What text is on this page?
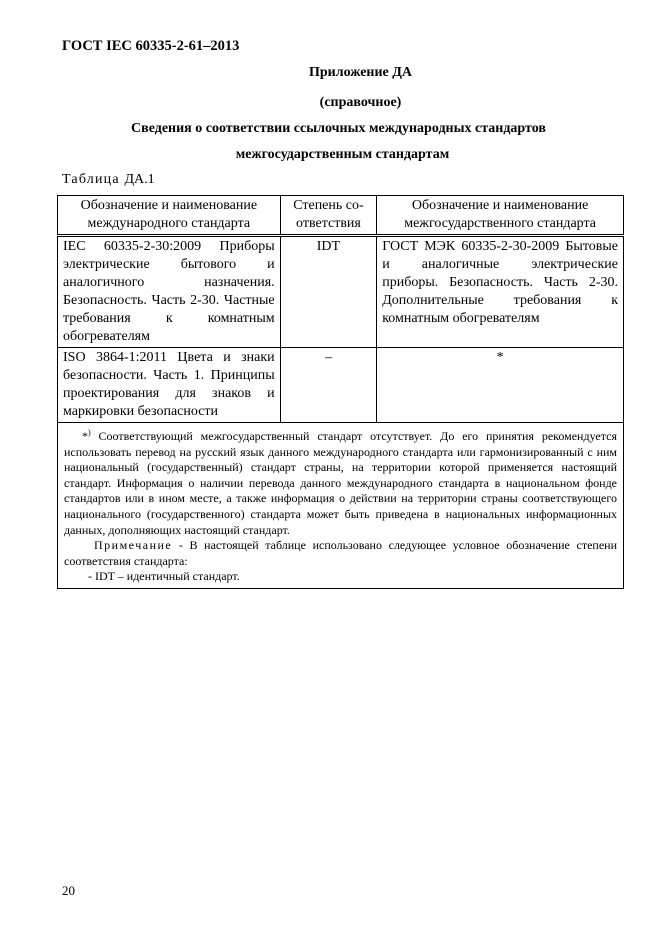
ГОСТ IEC 60335-2-61–2013
Приложение ДА
(справочное)
Сведения о соответствии ссылочных международных стандартов
межгосударственным стандартам
Таблица ДА.1
Обозначение и наименование международного стандарта	Степень со-ответствия	Обозначение и наименование межгосударственного стандарта
IEC 60335-2-30:2009 Приборы электрические бытового и аналогичного назначения. Безопасность. Часть 2-30. Частные требования к комнатным обогревателям	IDT	ГОСТ МЭК 60335-2-30-2009 Бытовые и аналогичные электрические приборы. Безопасность. Часть 2-30. Дополнительные требования к комнатным обогревателям
ISO 3864-1:2011 Цвета и знаки безопасности. Часть 1. Принципы проектирования для знаков и маркировки безопасности	–	*

*) Соответствующий межгосударственный стандарт отсутствует. До его принятия рекомендуется использовать перевод на русский язык данного международного стандарта или гармонизированный с ним национальный (государственный) стандарт страны, на территории которой применяется настоящий стандарт. Информация о наличии перевода данного международного стандарта в национальном фонде стандартов или в ином месте, а также информация о действии на территории страны соответствующего национального (государственного) стандарта может быть приведена в национальных информационных данных, дополняющих настоящий стандарт.

Примечание - В настоящей таблице использовано следующее условное обозначение степени соответствия стандарта:

- IDT – идентичный стандарт.		

20
